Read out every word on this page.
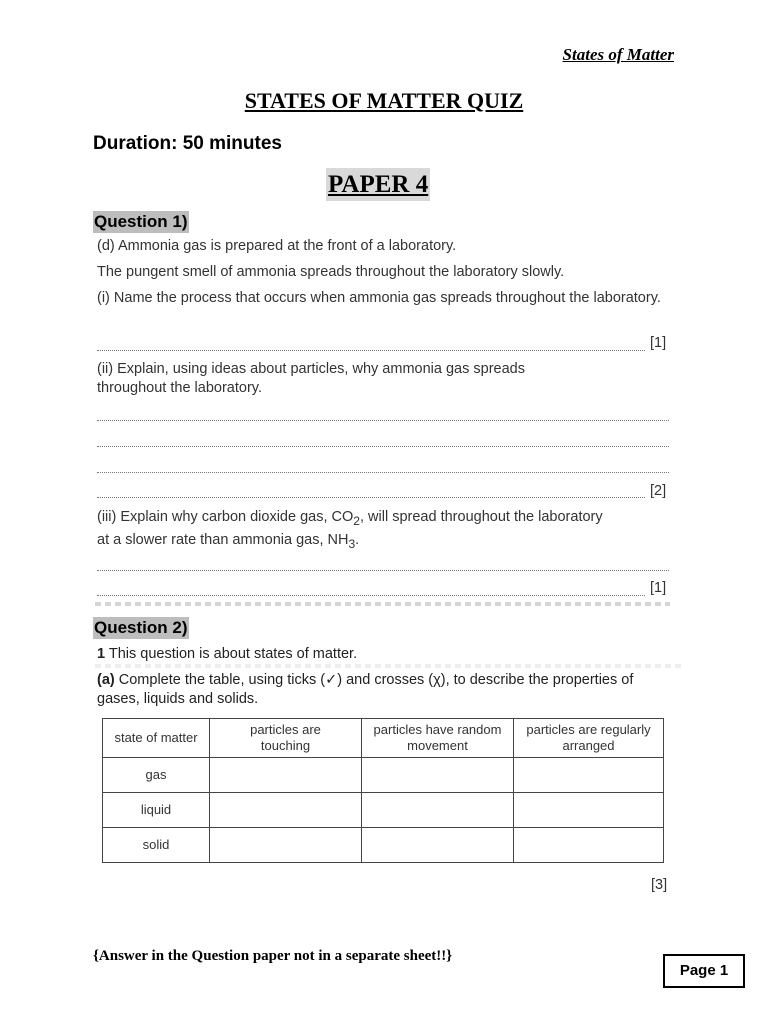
States of Matter
STATES OF MATTER QUIZ
Duration: 50 minutes
PAPER 4
Question 1)
(d) Ammonia gas is prepared at the front of a laboratory.
The pungent smell of ammonia spreads throughout the laboratory slowly.
(i) Name the process that occurs when ammonia gas spreads throughout the laboratory.
[1]
(ii) Explain, using ideas about particles, why ammonia gas spreads throughout the laboratory.
[2]
(iii) Explain why carbon dioxide gas, $CO_2$, will spread throughout the laboratory at a slower rate than ammonia gas, $NH_3$.
[1]
Question 2)
1 This question is about states of matter.
(a) Complete the table, using ticks (✓) and crosses (χ), to describe the properties of gases, liquids and solids.
state of matter	particles are touching	particles have random movement	particles are regularly arranged

gas			
liquid			
solid			
[3]
{Answer in the Question paper not in a separate sheet!!}
Page 1
